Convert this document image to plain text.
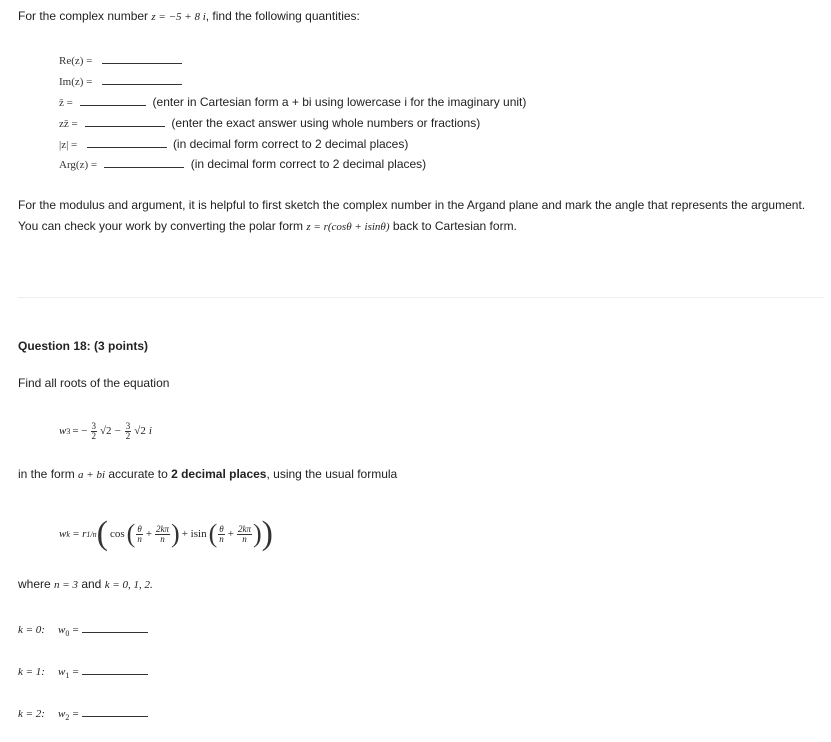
For the complex number z = −5 + 8 i, find the following quantities:
Re(z) =
Im(z) =
z̄ =	(enter in Cartesian form a + bi using lowercase i for the imaginary unit)
zz̄ =	(enter the exact answer using whole numbers or fractions)
|z| =	(in decimal form correct to 2 decimal places)
Arg(z) =	(in decimal form correct to 2 decimal places)
For the modulus and argument, it is helpful to first sketch the complex number in the Argand plane and mark the angle that represents the argument.
You can check your work by converting the polar form z = r(cosθ + isinθ) back to Cartesian form.
Question 18: (3 points)
Find all roots of the equation
w 3 = − $\frac{3}{2} √2 - \frac{3}{2} √2$ i
in the form a + bi accurate to 2 decimal places, using the usual formula
w k = r 1/n ( cos ( $\frac{\theta}{n} + \frac{2k\pi}{n}$ ) + isin ( $\frac{\theta}{n} + \frac{2k\pi}{n}$ ) )
where n = 3 and k = 0, 1, 2.
k = 0: $w_0$ =
k = 1: $w_1$ =
k = 2: $w_2$ =
